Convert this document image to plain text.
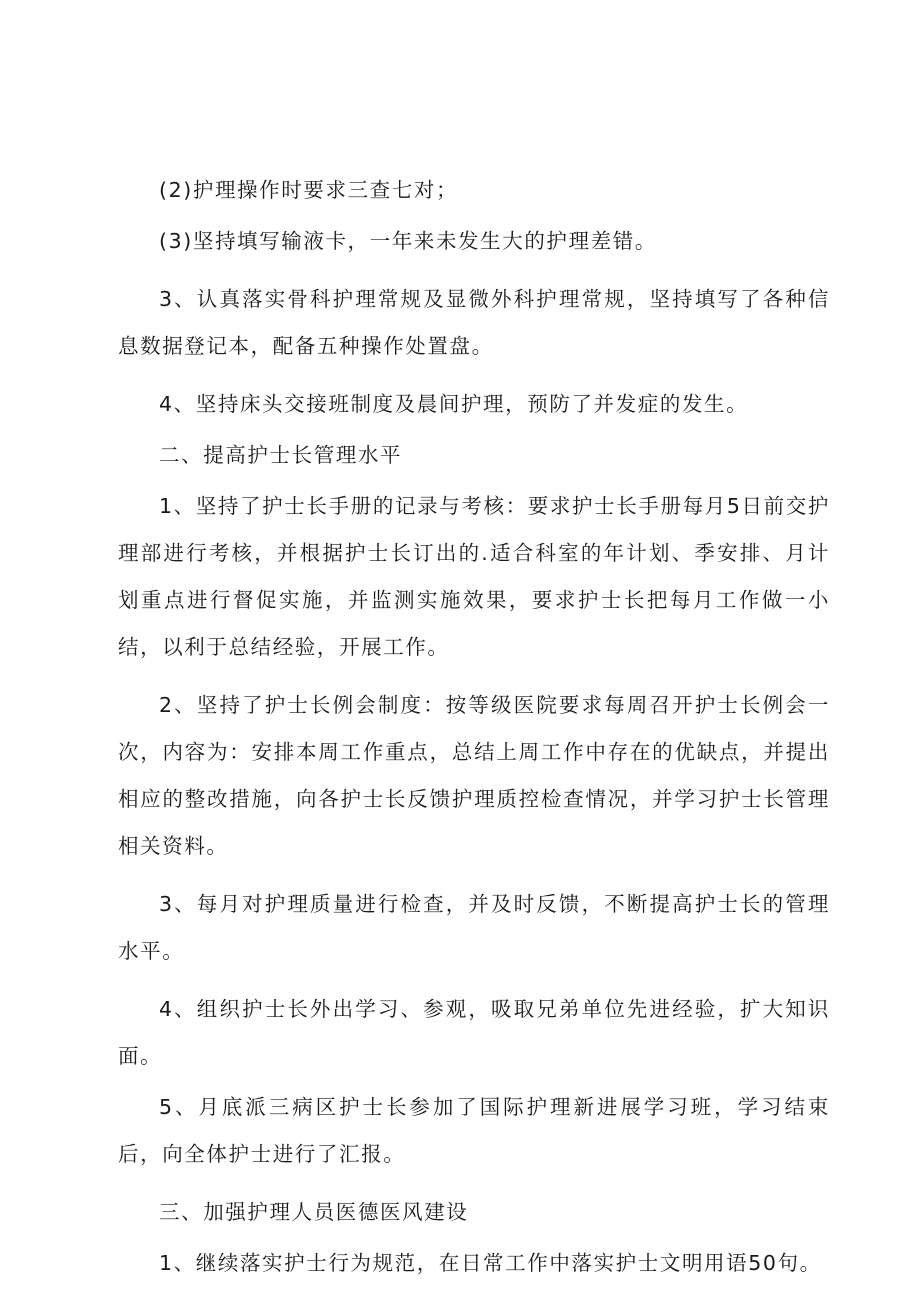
(2)护理操作时要求三查七对；

(3)坚持填写输液卡，一年来未发生大的护理差错。

3、认真落实骨科护理常规及显微外科护理常规，坚持填写了各种信息数据登记本，配备五种操作处置盘。

4、坚持床头交接班制度及晨间护理，预防了并发症的发生。

二、提高护士长管理水平

1、坚持了护士长手册的记录与考核：要求护士长手册每月5日前交护理部进行考核，并根据护士长订出的.适合科室的年计划、季安排、月计划重点进行督促实施，并监测实施效果，要求护士长把每月工作做一小结，以利于总结经验，开展工作。

2、坚持了护士长例会制度：按等级医院要求每周召开护士长例会一次，内容为：安排本周工作重点，总结上周工作中存在的优缺点，并提出相应的整改措施，向各护士长反馈护理质控检查情况，并学习护士长管理相关资料。

3、每月对护理质量进行检查，并及时反馈，不断提高护士长的管理水平。

4、组织护士长外出学习、参观，吸取兄弟单位先进经验，扩大知识面。

5、月底派三病区护士长参加了国际护理新进展学习班，学习结束后，向全体护士进行了汇报。

三、加强护理人员医德医风建设

1、继续落实护士行为规范，在日常工作中落实护士文明用语50句。
